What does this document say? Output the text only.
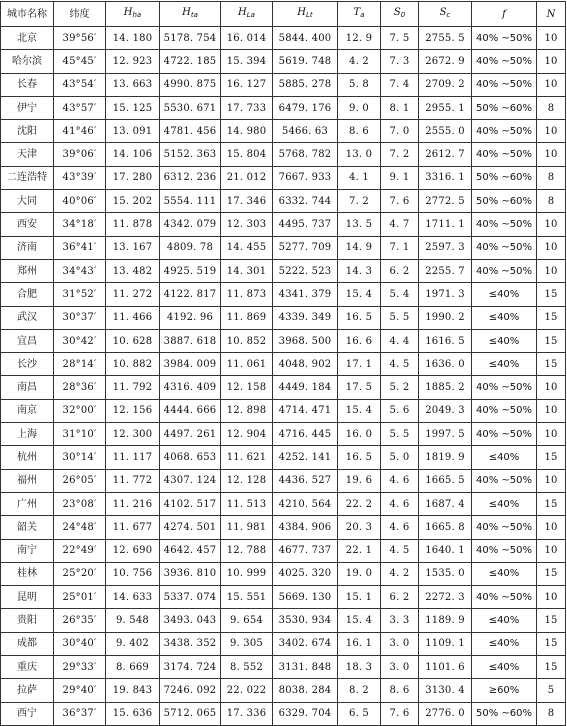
城市名称	纬度	$H_{ha}$	$H_{ta}$	$H_{La}$	$H_{Lt}$	$T_a$	$S_0$	$S_c$	f	N
北京	39°56′	14. 180	5178. 754	16. 014	5844. 400	12. 9	7. 5	2755. 5	40% ~50%	10
哈尔滨	45°45′	12. 923	4722. 185	15. 394	5619. 748	4. 2	7. 3	2672. 9	40% ~50%	10
长春	43°54′	13. 663	4990. 875	16. 127	5885. 278	5. 8	7. 4	2709. 2	40% ~50%	10
伊宁	43°57′	15. 125	5530. 671	17. 733	6479. 176	9. 0	8. 1	2955. 1	50% ~60%	8
沈阳	41°46′	13. 091	4781. 456	14. 980	5466. 63	8. 6	7. 0	2555. 0	40% ~50%	10
天津	39°06′	14. 106	5152. 363	15. 804	5768. 782	13. 0	7. 2	2612. 7	40% ~50%	10
二连浩特	43°39′	17. 280	6312. 236	21. 012	7667. 933	4. 1	9. 1	3316. 1	50% ~60%	8
大同	40°06′	15. 202	5554. 111	17. 346	6332. 744	7. 2	7. 6	2772. 5	50% ~60%	8
西安	34°18′	11. 878	4342. 079	12. 303	4495. 737	13. 5	4. 7	1711. 1	40% ~50%	10
济南	36°41′	13. 167	4809. 78	14. 455	5277. 709	14. 9	7. 1	2597. 3	40% ~50%	10
郑州	34°43′	13. 482	4925. 519	14. 301	5222. 523	14. 3	6. 2	2255. 7	40% ~50%	10
合肥	31°52′	11. 272	4122. 817	11. 873	4341. 379	15. 4	5. 4	1971. 3	≤40%	15
武汉	30°37′	11. 466	4192. 96	11. 869	4339. 349	16. 5	5. 5	1990. 2	≤40%	15
宜昌	30°42′	10. 628	3887. 618	10. 852	3968. 500	16. 6	4. 4	1616. 5	≤40%	15
长沙	28°14′	10. 882	3984. 009	11. 061	4048. 902	17. 1	4. 5	1636. 0	≤40%	15
南昌	28°36′	11. 792	4316. 409	12. 158	4449. 184	17. 5	5. 2	1885. 2	40% ~50%	10
南京	32°00′	12. 156	4444. 666	12. 898	4714. 471	15. 4	5. 6	2049. 3	40% ~50%	10
上海	31°10′	12. 300	4497. 261	12. 904	4716. 445	16. 0	5. 5	1997. 5	40% ~50%	10
杭州	30°14′	11. 117	4068. 653	11. 621	4252. 141	16. 5	5. 0	1819. 9	≤40%	15
福州	26°05′	11. 772	4307. 124	12. 128	4436. 527	19. 6	4. 6	1665. 5	40% ~50%	10
广州	23°08′	11. 216	4102. 517	11. 513	4210. 564	22. 2	4. 6	1687. 4	≤40%	15
韶关	24°48′	11. 677	4274. 501	11. 981	4384. 906	20. 3	4. 6	1665. 8	40% ~50%	10
南宁	22°49′	12. 690	4642. 457	12. 788	4677. 737	22. 1	4. 5	1640. 1	40% ~50%	10
桂林	25°20′	10. 756	3936. 810	10. 999	4025. 320	19. 0	4. 2	1535. 0	≤40%	15
昆明	25°01′	14. 633	5337. 074	15. 551	5669. 130	15. 1	6. 2	2272. 3	40% ~50%	10
贵阳	26°35′	9. 548	3493. 043	9. 654	3530. 934	15. 4	3. 3	1189. 9	≤40%	15
成都	30°40′	9. 402	3438. 352	9. 305	3402. 674	16. 1	3. 0	1109. 1	≤40%	15
重庆	29°33′	8. 669	3174. 724	8. 552	3131. 848	18. 3	3. 0	1101. 6	≤40%	15
拉萨	29°40′	19. 843	7246. 092	22. 022	8038. 284	8. 2	8. 6	3130. 4	≥60%	5
西宁	36°37′	15. 636	5712. 065	17. 336	6329. 704	6. 5	7. 6	2776. 0	50% ~60%	8
